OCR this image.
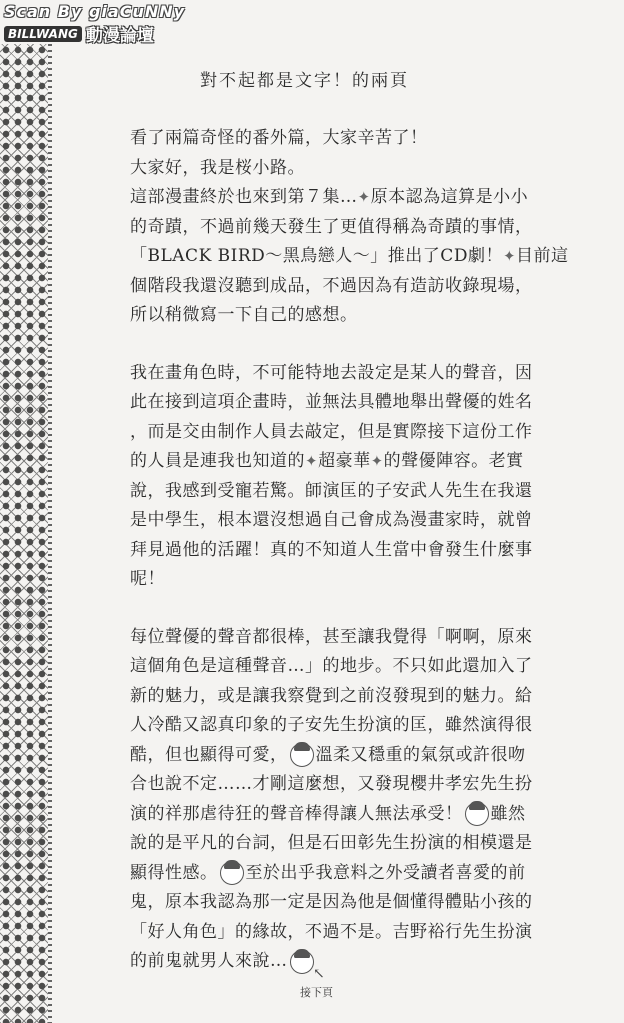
Scan By giaCuNNy
BILLWANG 動漫論壇
對不起都是文字！的兩頁
看了兩篇奇怪的番外篇，大家辛苦了！
大家好，我是桜小路。
這部漫畫終於也來到第７集…✦原本認為這算是小小
的奇蹟，不過前幾天發生了更值得稱為奇蹟的事情，
「BLACK BIRD～黑鳥戀人～」推出了CD劇！✦目前這
個階段我還沒聽到成品，不過因為有造訪收錄現場，
所以稍微寫一下自己的感想。
我在畫角色時，不可能特地去設定是某人的聲音，因
此在接到這項企畫時，並無法具體地舉出聲優的姓名
，而是交由制作人員去敲定，但是實際接下這份工作
的人員是連我也知道的✦超豪華✦的聲優陣容。老實
說，我感到受寵若驚。師演匡的子安武人先生在我還
是中學生，根本還沒想過自己會成為漫畫家時，就曾
拜見過他的活躍！真的不知道人生當中會發生什麼事
呢！
每位聲優的聲音都很棒，甚至讓我覺得「啊啊，原來
這個角色是這種聲音…」的地步。不只如此還加入了
新的魅力，或是讓我察覺到之前沒發現到的魅力。給
人冷酷又認真印象的子安先生扮演的匡，雖然演得很
酷，但也顯得可愛， 溫柔又穩重的氣氛或許很吻
合也說不定……才剛這麼想，又發現櫻井孝宏先生扮
演的祥那虐待狂的聲音棒得讓人無法承受！ 雖然
說的是平凡的台詞，但是石田彰先生扮演的相模還是
顯得性感。 至於出乎我意料之外受讀者喜愛的前
鬼，原本我認為那一定是因為他是個懂得體貼小孩的
「好人角色」的緣故，不過不是。吉野裕行先生扮演
的前鬼就男人來說…
↖
接下頁
